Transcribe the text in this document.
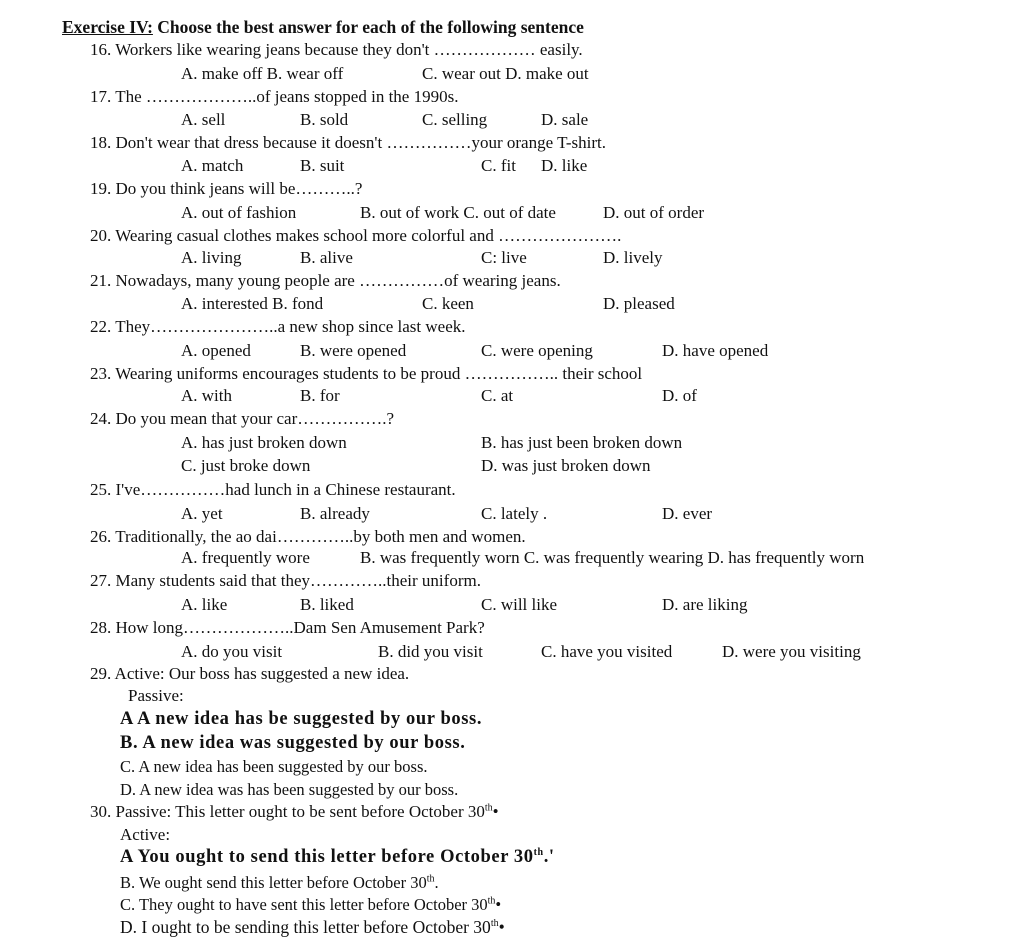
Exercise IV: Choose the best answer for each of the following sentence
16. Workers like wearing jeans because they don't ……………… easily.
A. make off B. wear off	C. wear out D. make out
17. The ………………..of jeans stopped in the 1990s.
A. sell	B. sold	C. selling	D. sale
18. Don't wear that dress because it doesn't ……………your orange T-shirt.
A. match	B. suit	C. fit D. like
19. Do you think jeans will be………..?
A. out of fashion	B. out of work C. out of date	D. out of order
20. Wearing casual clothes makes school more colorful and ………………….
A. living	B. alive	C: live	D. lively
21. Nowadays, many young people are ……………of wearing jeans.
A. interested B. fond	C. keen	D. pleased
22. They…………………..a new shop since last week.
A. opened	B. were opened	C. were opening	D. have opened
23. Wearing uniforms encourages students to be proud …………….. their school
A. with	B. for	C. at	D. of
24. Do you mean that your car…………….?
A. has just broken down	B. has just been broken down
C. just broke down	D. was just broken down
25. I've……………had lunch in a Chinese restaurant.
A. yet	B. already	C. lately .	D. ever
26. Traditionally, the ao dai…………..by both men and women.
A. frequently wore	B. was frequently worn C. was frequently wearing D. has frequently worn
27. Many students said that they…………..their uniform.
A. like	B. liked	C. will like	D. are liking
28. How long………………..Dam Sen Amusement Park?
A. do you visit	B. did you visit	C. have you visited	D. were you visiting
29. Active: Our boss has suggested a new idea.
Passive:
A A new idea has be suggested by our boss.
B. A new idea was suggested by our boss.
C. A new idea has been suggested by our boss.
D. A new idea was has been suggested by our boss.
30. Passive: This letter ought to be sent before October 30th•
Active:
A You ought to send this letter before October 30th.'
B. We ought send this letter before October 30th.
C. They ought to have sent this letter before October 30th•
D. I ought to be sending this letter before October 30th•
